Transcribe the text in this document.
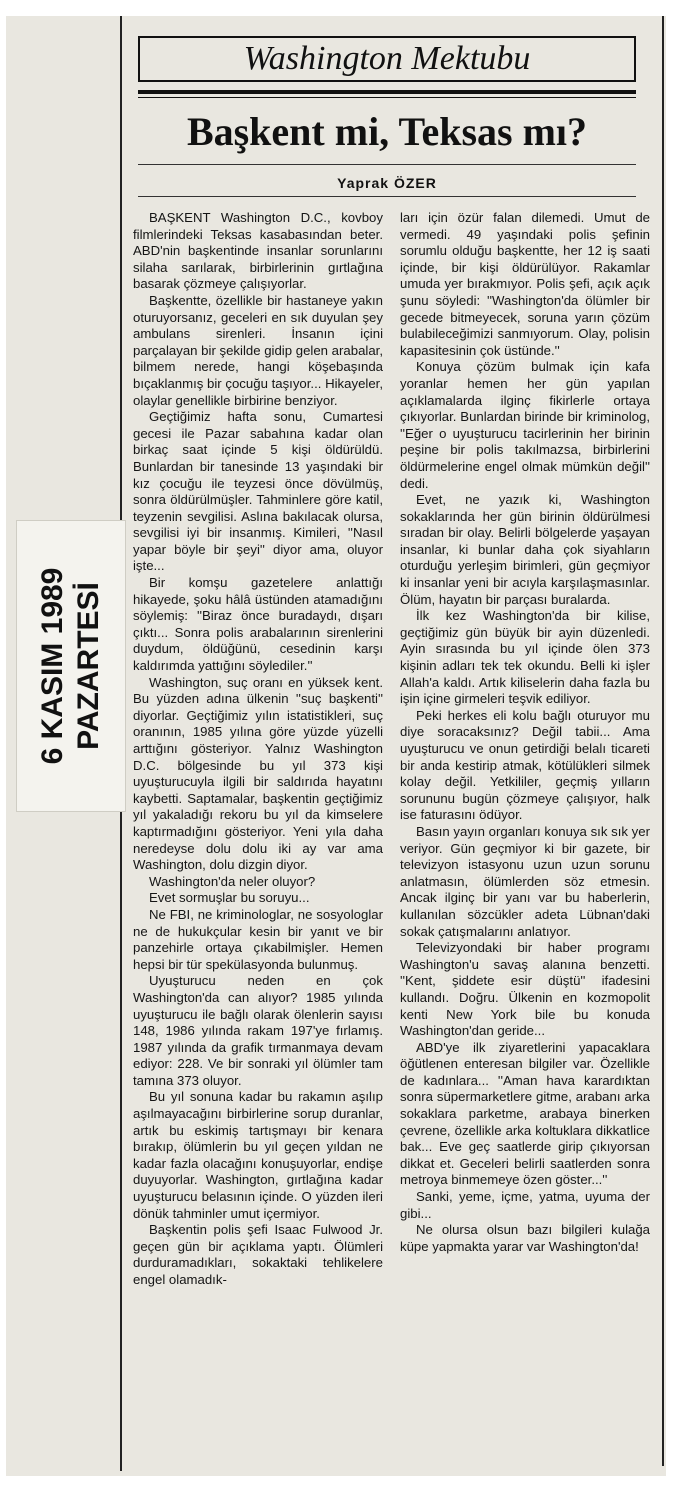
Washington Mektubu
Başkent mi, Teksas mı?
Yaprak ÖZER
6 KASIM 1989 PAZARTESİ

BAŞKENT Washington D.C., kovboy filmlerindeki Teksas kasabasından beter. ABD'nin başkentinde insanlar sorunlarını silaha sarılarak, birbirlerinin gırtlağına basarak çözmeye çalışıyorlar.

Başkentte, özellikle bir hastaneye yakın oturuyorsanız, geceleri en sık duyulan şey ambulans sirenleri. İnsanın içini parçalayan bir şekilde gidip gelen arabalar, bilmem nerede, hangi köşebaşında bıçaklanmış bir çocuğu taşıyor... Hikayeler, olaylar genellikle birbirine benziyor.

Geçtiğimiz hafta sonu, Cumartesi gecesi ile Pazar sabahına kadar olan birkaç saat içinde 5 kişi öldürüldü. Bunlardan bir tanesinde 13 yaşındaki bir kız çocuğu ile teyzesi önce dövülmüş, sonra öldürülmüşler. Tahminlere göre katil, teyzenin sevgilisi. Aslına bakılacak olursa, sevgilisi iyi bir insanmış. Kimileri, ''Nasıl yapar böyle bir şeyi'' diyor ama, oluyor işte...

Bir komşu gazetelere anlattığı hikayede, şoku hâlâ üstünden atamadığını söylemiş: ''Biraz önce buradaydı, dışarı çıktı... Sonra polis arabalarının sirenlerini duydum, öldüğünü, cesedinin karşı kaldırımda yattığını söylediler.''

Washington, suç oranı en yüksek kent. Bu yüzden adına ülkenin ''suç başkenti'' diyorlar. Geçtiğimiz yılın istatistikleri, suç oranının, 1985 yılına göre yüzde yüzelli arttığını gösteriyor. Yalnız Washington D.C. bölgesinde bu yıl 373 kişi uyuşturucuyla ilgili bir saldırıda hayatını kaybetti. Saptamalar, başkentin geçtiğimiz yıl yakaladığı rekoru bu yıl da kimselere kaptırmadığını gösteriyor. Yeni yıla daha neredeyse dolu dolu iki ay var ama Washington, dolu dizgin diyor.

Washington'da neler oluyor?

Evet sormuşlar bu soruyu...

Ne FBI, ne kriminologlar, ne sosyologlar ne de hukukçular kesin bir yanıt ve bir panzehirle ortaya çıkabilmişler. Hemen hepsi bir tür spekülasyonda bulunmuş.

Uyuşturucu neden en çok Washington'da can alıyor? 1985 yılında uyuşturucu ile bağlı olarak ölenlerin sayısı 148, 1986 yılında rakam 197'ye fırlamış. 1987 yılında da grafik tırmanmaya devam ediyor: 228. Ve bir sonraki yıl ölümler tam tamına 373 oluyor.

Bu yıl sonuna kadar bu rakamın aşılıp aşılmayacağını birbirlerine sorup duranlar, artık bu eskimiş tartışmayı bir kenara bırakıp, ölümlerin bu yıl geçen yıldan ne kadar fazla olacağını konuşuyorlar, endişe duyuyorlar. Washington, gırtlağına kadar uyuşturucu belasının içinde. O yüzden ileri dönük tahminler umut içermiyor.

Başkentin polis şefi Isaac Fulwood Jr. geçen gün bir açıklama yaptı. Ölümleri durduramadıkları, sokaktaki tehlikelere engel olamadık-

ları için özür falan dilemedi. Umut de vermedi. 49 yaşındaki polis şefinin sorumlu olduğu başkentte, her 12 iş saati içinde, bir kişi öldürülüyor. Rakamlar umuda yer bırakmıyor. Polis şefi, açık açık şunu söyledi: ''Washington'da ölümler bir gecede bitmeyecek, soruna yarın çözüm bulabileceğimizi sanmıyorum. Olay, polisin kapasitesinin çok üstünde.''

Konuya çözüm bulmak için kafa yoranlar hemen her gün yapılan açıklamalarda ilginç fikirlerle ortaya çıkıyorlar. Bunlardan birinde bir kriminolog, ''Eğer o uyuşturucu tacirlerinin her birinin peşine bir polis takılmazsa, birbirlerini öldürmelerine engel olmak mümkün değil'' dedi.

Evet, ne yazık ki, Washington sokaklarında her gün birinin öldürülmesi sıradan bir olay. Belirli bölgelerde yaşayan insanlar, ki bunlar daha çok siyahların oturduğu yerleşim birimleri, gün geçmiyor ki insanlar yeni bir acıyla karşılaşmasınlar. Ölüm, hayatın bir parçası buralarda.

İlk kez Washington'da bir kilise, geçtiğimiz gün büyük bir ayin düzenledi. Ayin sırasında bu yıl içinde ölen 373 kişinin adları tek tek okundu. Belli ki işler Allah'a kaldı. Artık kiliselerin daha fazla bu işin içine girmeleri teşvik ediliyor.

Peki herkes eli kolu bağlı oturuyor mu diye soracaksınız? Değil tabii... Ama uyuşturucu ve onun getirdiği belalı ticareti bir anda kestirip atmak, kötülükleri silmek kolay değil. Yetkililer, geçmiş yılların sorununu bugün çözmeye çalışıyor, halk ise faturasını ödüyor.

Basın yayın organları konuya sık sık yer veriyor. Gün geçmiyor ki bir gazete, bir televizyon istasyonu uzun uzun sorunu anlatmasın, ölümlerden söz etmesin. Ancak ilginç bir yanı var bu haberlerin, kullanılan sözcükler adeta Lübnan'daki sokak çatışmalarını anlatıyor.

Televizyondaki bir haber programı Washington'u savaş alanına benzetti. ''Kent, şiddete esir düştü'' ifadesini kullandı. Doğru. Ülkenin en kozmopolit kenti New York bile bu konuda Washington'dan geride...

ABD'ye ilk ziyaretlerini yapacaklara öğütlenen enteresan bilgiler var. Özellikle de kadınlara... ''Aman hava karardıktan sonra süpermarketlere gitme, arabanı arka sokaklara parketme, arabaya binerken çevrene, özellikle arka koltuklara dikkatlice bak... Eve geç saatlerde girip çıkıyorsan dikkat et. Geceleri belirli saatlerden sonra metroya binmemeye özen göster...''

Sanki, yeme, içme, yatma, uyuma der gibi...

Ne olursa olsun bazı bilgileri kulağa küpe yapmakta yarar var Washington'da!
